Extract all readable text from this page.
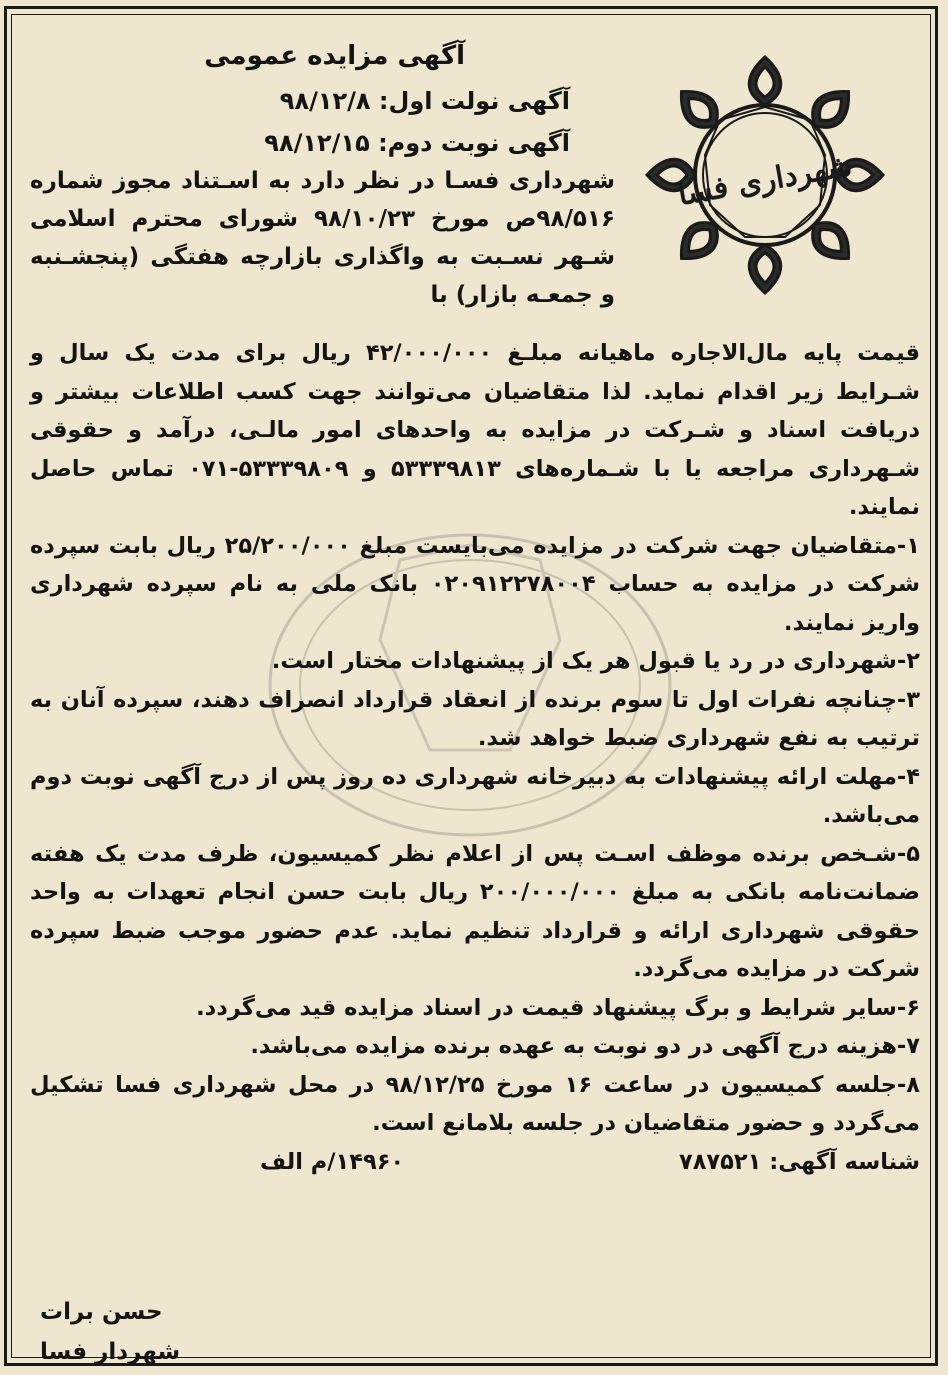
شهرداری فسا

آگهی مزایده عمومی

آگهی نولت اول: ۹۸/۱۲/۸

آگهی نوبت دوم: ۹۸/۱۲/۱۵

شهرداری فسـا در نظر دارد به اسـتناد مجوز شماره ۹۸/۵۱۶ص مورخ ۹۸/۱۰/۲۳ شورای محترم اسلامی شـهر نسـبت به واگذاری بازارچه هفتگی (پنجشـنبه و جمعـه بازار) با

قیمت پایه مال‌الاجاره ماهیانه مبلـغ ۴۲/۰۰۰/۰۰۰ ریال برای مدت یک سال و شـرایط زیر اقدام نماید. لذا متقاضیان می‌توانند جهت کسب اطلاعات بیشتر و دریافت اسناد و شـرکت در مزایده به واحدهای امور مالـی، درآمد و حقوقی شـهرداری مراجعه یا با شـماره‌های ۵۳۳۳۹۸۱۳ و ۵۳۳۳۹۸۰۹-۰۷۱ تماس حاصل نمایند.

۱-متقاضیان جهت شرکت در مزایده می‌بایست مبلغ ۲۵/۲۰۰/۰۰۰ ریال بابت سپرده شرکت در مزایده به حساب ۰۲۰۹۱۲۲۷۸۰۰۴ بانک ملی به نام سپرده شهرداری واریز نمایند.

۲-شهرداری در رد یا قبول هر یک از پیشنهادات مختار است.

۳-چنانچه نفرات اول تا سوم برنده از انعقاد قرارداد انصراف دهند، سپرده آنان به ترتیب به نفع شهرداری ضبط خواهد شد.

۴-مهلت ارائه پیشنهادات به دبیرخانه شهرداری ده روز پس از درج آگهی نوبت دوم می‌باشد.

۵-شـخص برنده موظف اسـت پس از اعلام نظر کمیسیون، ظرف مدت یک هفته ضمانت‌نامه بانکی به مبلغ ۲۰۰/۰۰۰/۰۰۰ ریال بابت حسن انجام تعهدات به واحد حقوقی شهرداری ارائه و قرارداد تنظیم نماید. عدم حضور موجب ضبط سپرده شرکت در مزایده می‌گردد.

۶-سایر شرایط و برگ پیشنهاد قیمت در اسناد مزایده قید می‌گردد.

۷-هزینه درج آگهی در دو نوبت به عهده برنده مزایده می‌باشد.

۸-جلسه کمیسیون در ساعت ۱۶ مورخ ۹۸/۱۲/۲۵ در محل شهرداری فسا تشکیل می‌گردد و حضور متقاضیان در جلسه بلامانع است.

شناسه آگهی: ۷۸۷۵۲۱
۱۴۹۶۰/م الف
حسن برات
شهردار فسا
